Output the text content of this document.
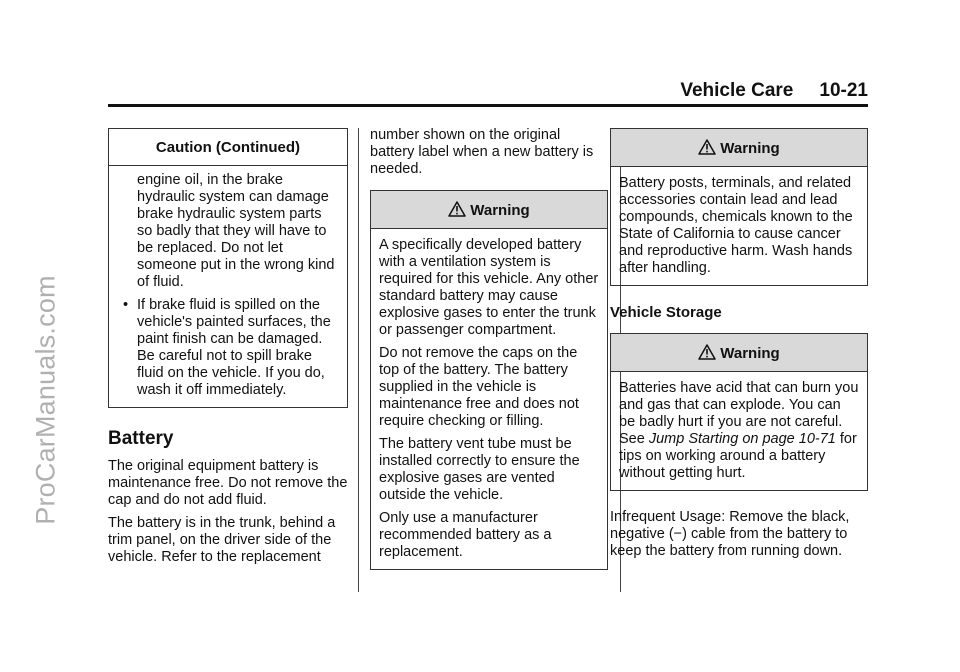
ProCarManuals.com
Vehicle Care 10-21
Caution (Continued)

engine oil, in the brake hydraulic system can damage brake hydraulic system parts so badly that they will have to be replaced. Do not let someone put in the wrong kind of fluid.

• If brake fluid is spilled on the vehicle's painted surfaces, the paint finish can be damaged. Be careful not to spill brake fluid on the vehicle. If you do, wash it off immediately.
Battery

The original equipment battery is maintenance free. Do not remove the cap and do not add fluid.

The battery is in the trunk, behind a trim panel, on the driver side of the vehicle. Refer to the replacement

number shown on the original battery label when a new battery is needed.

Warning

A specifically developed battery with a ventilation system is required for this vehicle. Any other standard battery may cause explosive gases to enter the trunk or passenger compartment.

Do not remove the caps on the top of the battery. The battery supplied in the vehicle is maintenance free and does not require checking or filling.

The battery vent tube must be installed correctly to ensure the explosive gases are vented outside the vehicle.

Only use a manufacturer recommended battery as a replacement.

Warning

Battery posts, terminals, and related accessories contain lead and lead compounds, chemicals known to the State of California to cause cancer and reproductive harm. Wash hands after handling.

Vehicle Storage
Warning

Batteries have acid that can burn you and gas that can explode. You can be badly hurt if you are not careful. See Jump Starting on page 10-71 for tips on working around a battery without getting hurt.

Infrequent Usage: Remove the black, negative (−) cable from the battery to keep the battery from running down.
